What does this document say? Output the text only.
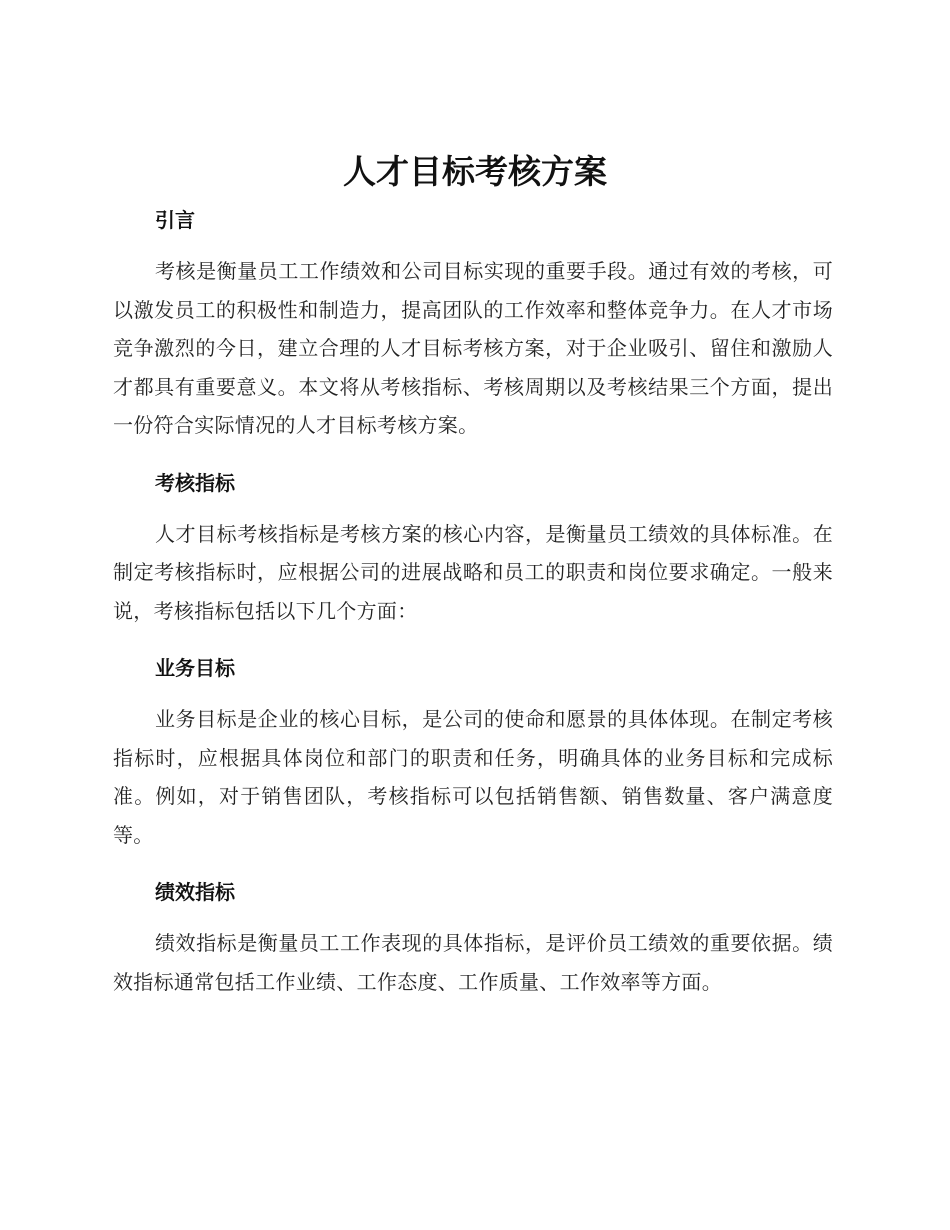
人才目标考核方案
引言

考核是衡量员工工作绩效和公司目标实现的重要手段。通过有效的考核，可以激发员工的积极性和制造力，提高团队的工作效率和整体竞争力。在人才市场竞争激烈的今日，建立合理的人才目标考核方案，对于企业吸引、留住和激励人才都具有重要意义。本文将从考核指标、考核周期以及考核结果三个方面，提出一份符合实际情况的人才目标考核方案。

考核指标

人才目标考核指标是考核方案的核心内容，是衡量员工绩效的具体标准。在制定考核指标时，应根据公司的进展战略和员工的职责和岗位要求确定。一般来说，考核指标包括以下几个方面：

业务目标

业务目标是企业的核心目标，是公司的使命和愿景的具体体现。在制定考核指标时，应根据具体岗位和部门的职责和任务，明确具体的业务目标和完成标准。例如，对于销售团队，考核指标可以包括销售额、销售数量、客户满意度等。

绩效指标

绩效指标是衡量员工工作表现的具体指标，是评价员工绩效的重要依据。绩效指标通常包括工作业绩、工作态度、工作质量、工作效率等方面。
